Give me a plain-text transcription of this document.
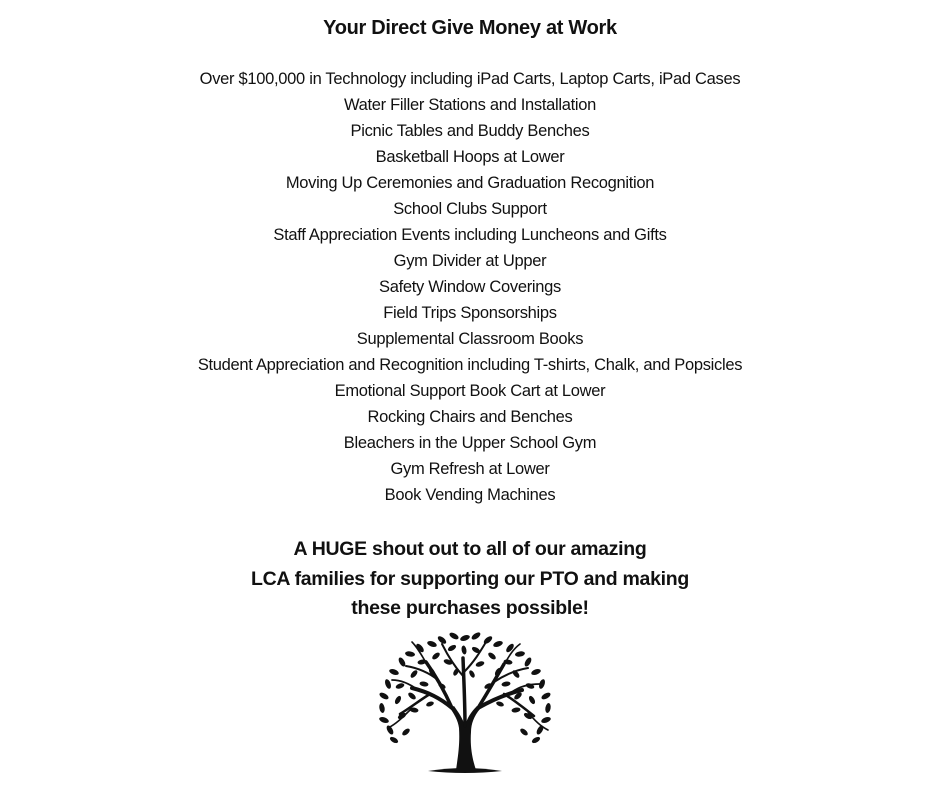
Your Direct Give Money at Work
Over $100,000 in Technology including iPad Carts, Laptop Carts, iPad Cases
Water Filler Stations and Installation
Picnic Tables and Buddy Benches
Basketball Hoops at Lower
Moving Up Ceremonies and Graduation Recognition
School Clubs Support
Staff Appreciation Events including Luncheons and Gifts
Gym Divider at Upper
Safety Window Coverings
Field Trips Sponsorships
Supplemental Classroom Books
Student Appreciation and Recognition including T-shirts, Chalk, and Popsicles
Emotional Support Book Cart at Lower
Rocking Chairs and Benches
Bleachers in the Upper School Gym
Gym Refresh at Lower
Book Vending Machines
A HUGE shout out to all of our amazing
LCA families for supporting our PTO and making
these purchases possible!
